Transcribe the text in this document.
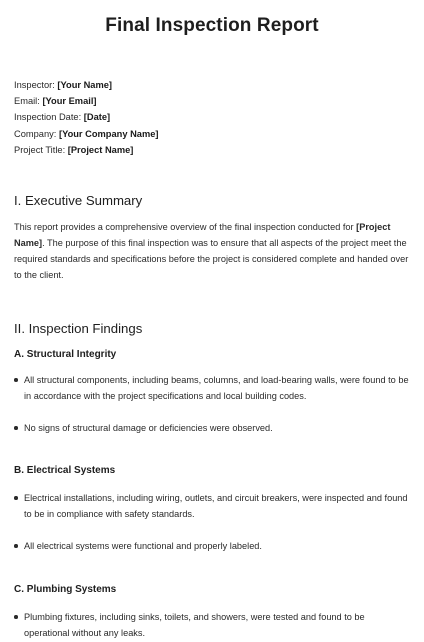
Final Inspection Report
Inspector: [Your Name]
Email: [Your Email]
Inspection Date: [Date]
Company: [Your Company Name]
Project Title: [Project Name]
I. Executive Summary
This report provides a comprehensive overview of the final inspection conducted for [Project Name]. The purpose of this final inspection was to ensure that all aspects of the project meet the required standards and specifications before the project is considered complete and handed over to the client.
II. Inspection Findings
A. Structural Integrity
All structural components, including beams, columns, and load-bearing walls, were found to be in accordance with the project specifications and local building codes.
No signs of structural damage or deficiencies were observed.
B. Electrical Systems
Electrical installations, including wiring, outlets, and circuit breakers, were inspected and found to be in compliance with safety standards.
All electrical systems were functional and properly labeled.
C. Plumbing Systems
Plumbing fixtures, including sinks, toilets, and showers, were tested and found to be operational without any leaks.
